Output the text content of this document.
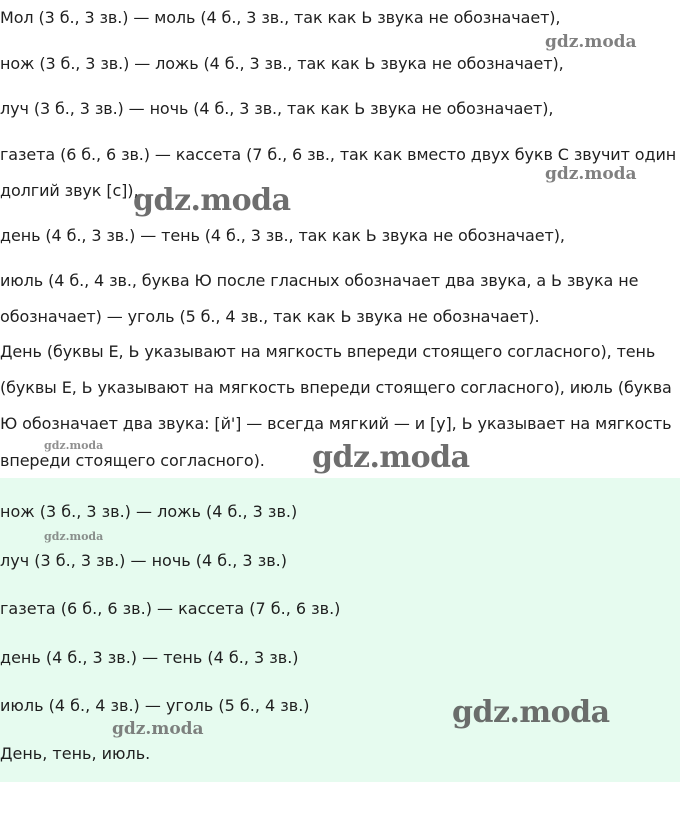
Мол (3 б., 3 зв.) — моль (4 б., 3 зв., так как Ь звука не обозначает),
нож (3 б., 3 зв.) — ложь (4 б., 3 зв., так как Ь звука не обозначает),
луч (3 б., 3 зв.) — ночь (4 б., 3 зв., так как Ь звука не обозначает),
газета (6 б., 6 зв.) — кассета (7 б., 6 зв., так как вместо двух букв С звучит один
долгий звук [с]),
день (4 б., 3 зв.) — тень (4 б., 3 зв., так как Ь звука не обозначает),
июль (4 б., 4 зв., буква Ю после гласных обозначает два звука, а Ь звука не
обозначает) — уголь (5 б., 4 зв., так как Ь звука не обозначает).
День (буквы Е, Ь указывают на мягкость впереди стоящего согласного), тень
(буквы Е, Ь указывают на мягкость впереди стоящего согласного), июль (буква
Ю обозначает два звука: [й'] — всегда мягкий — и [у], Ь указывает на мягкость
впереди стоящего согласного).
нож (3 б., 3 зв.) — ложь (4 б., 3 зв.)
луч (3 б., 3 зв.) — ночь (4 б., 3 зв.)
газета (6 б., 6 зв.) — кассета (7 б., 6 зв.)
день (4 б., 3 зв.) — тень (4 б., 3 зв.)
июль (4 б., 4 зв.) — уголь (5 б., 4 зв.)
День, тень, июль.
gdz.moda
gdz.moda
gdz.moda
gdz.moda	gdz.moda
gdz.moda
gdz.moda
gdz.moda
